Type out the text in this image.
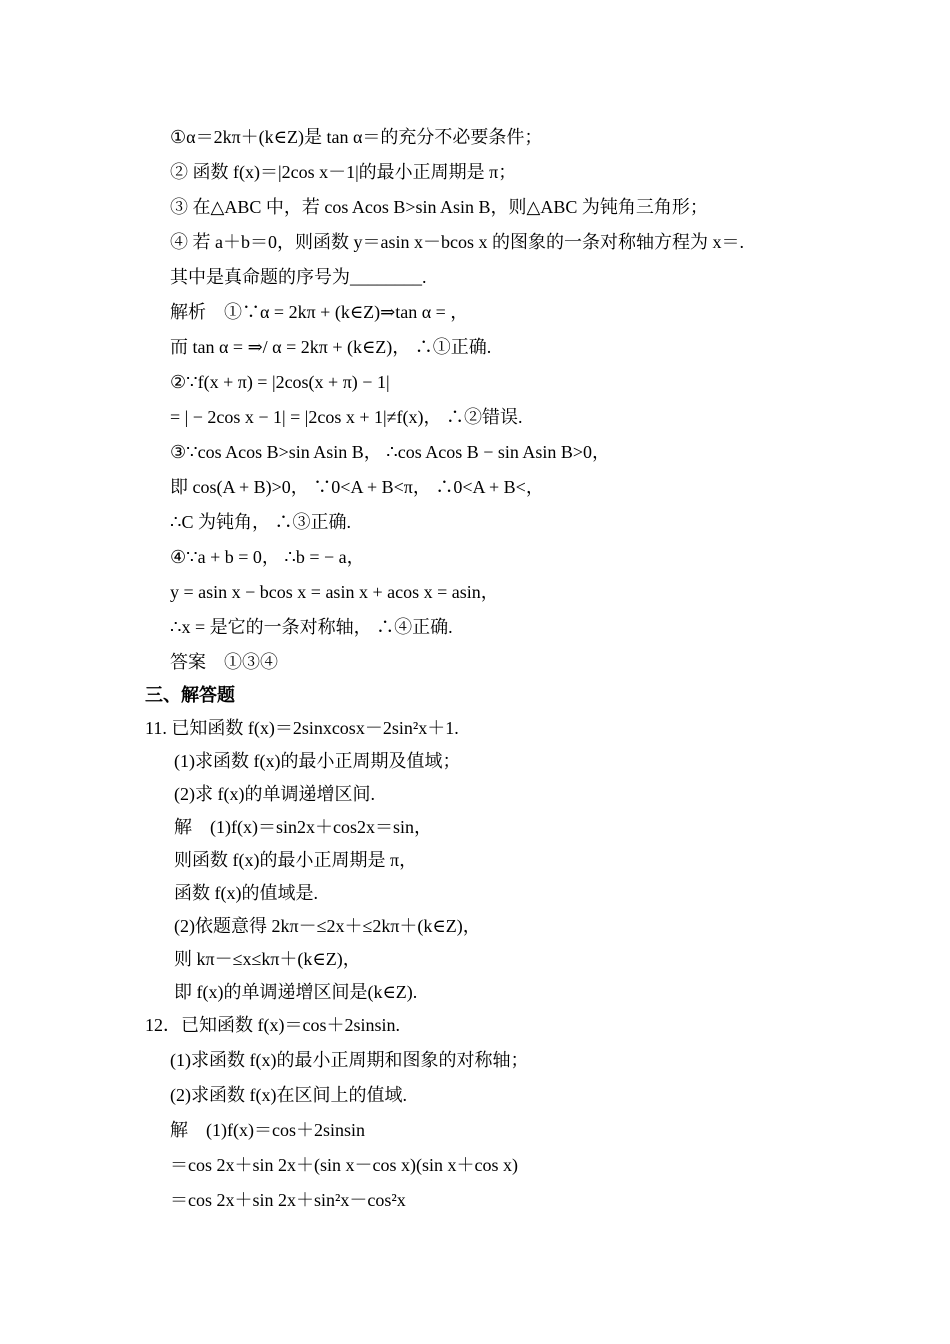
①α＝2kπ＋(k∈Z)是 tan α＝的充分不必要条件；
② 函数 f(x)＝|2cos x－1|的最小正周期是 π；
③ 在△ABC 中，若 cos Acos B>sin Asin B，则△ABC 为钝角三角形；
④ 若 a＋b＝0，则函数 y＝asin x－bcos x 的图象的一条对称轴方程为 x＝.
其中是真命题的序号为________.
解析　①∵α = 2kπ + (k∈Z)⇒tan α = ，
而 tan α = ⇒/ α = 2kπ + (k∈Z)， ∴①正确.
②∵f(x + π) = |2cos(x + π) − 1|
= | − 2cos x − 1| = |2cos x + 1|≠f(x)， ∴②错误.
③∵cos Acos B>sin Asin B， ∴cos Acos B − sin Asin B>0，
即 cos(A + B)>0， ∵0<A + B<π， ∴0<A + B<，
∴C 为钝角， ∴③正确.
④∵a + b = 0， ∴b = − a，
y = asin x − bcos x = asin x + acos x = asin，
∴x = 是它的一条对称轴， ∴④正确.
答案　①③④
三、解答题
11. 已知函数 f(x)＝2sinxcosx－2sin²x＋1.
(1)求函数 f(x)的最小正周期及值域；
(2)求 f(x)的单调递增区间.
解　(1)f(x)＝sin2x＋cos2x＝sin，
则函数 f(x)的最小正周期是 π，
函数 f(x)的值域是.
(2)依题意得 2kπ－≤2x＋≤2kπ＋(k∈Z)，
则 kπ－≤x≤kπ＋(k∈Z)，
即 f(x)的单调递增区间是(k∈Z).
12．已知函数 f(x)＝cos＋2sinsin.
(1)求函数 f(x)的最小正周期和图象的对称轴；
(2)求函数 f(x)在区间上的值域.
解　(1)f(x)＝cos＋2sinsin
＝cos 2x＋sin 2x＋(sin x－cos x)(sin x＋cos x)
＝cos 2x＋sin 2x＋sin²x－cos²x
